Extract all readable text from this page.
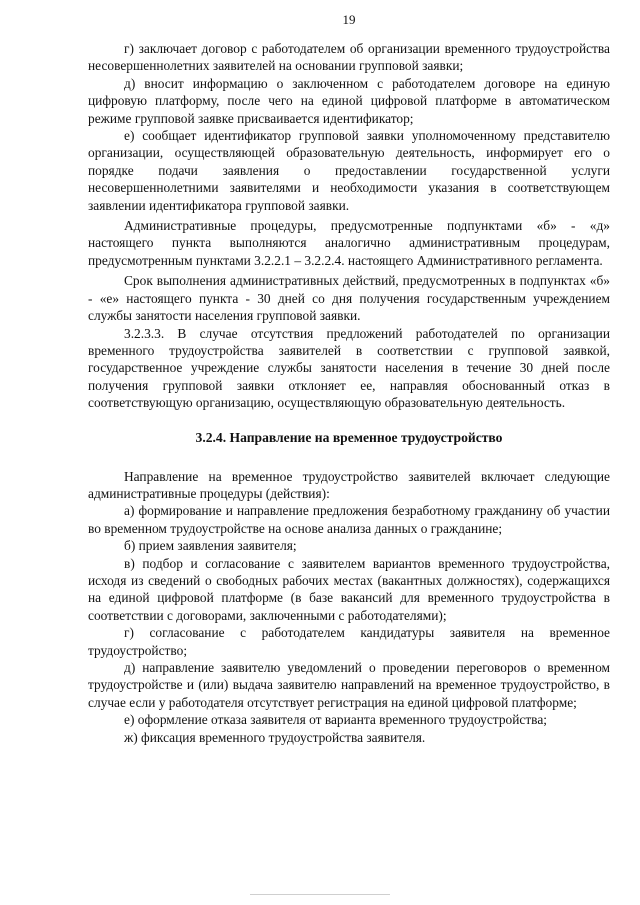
19

г) заключает договор с работодателем об организации временного трудоустройства несовершеннолетних заявителей на основании групповой заявки;

д) вносит информацию о заключенном с работодателем договоре на единую цифровую платформу, после чего на единой цифровой платформе в автоматическом режиме групповой заявке присваивается идентификатор;

е) сообщает идентификатор групповой заявки уполномоченному представителю организации, осуществляющей образовательную деятельность, информирует его о порядке подачи заявления о предоставлении государственной услуги несовершеннолетними заявителями и необходимости указания в соответствующем заявлении идентификатора групповой заявки.

Административные процедуры, предусмотренные подпунктами «б» - «д» настоящего пункта выполняются аналогично административным процедурам, предусмотренным пунктами 3.2.2.1 – 3.2.2.4. настоящего Административного регламента.

Срок выполнения административных действий, предусмотренных в подпунктах «б» - «е» настоящего пункта - 30 дней со дня получения государственным учреждением службы занятости населения групповой заявки.

3.2.3.3. В случае отсутствия предложений работодателей по организации временного трудоустройства заявителей в соответствии с групповой заявкой, государственное учреждение службы занятости населения в течение 30 дней после получения групповой заявки отклоняет ее, направляя обоснованный отказ в соответствующую организацию, осуществляющую образовательную деятельность.

3.2.4. Направление на временное трудоустройство

Направление на временное трудоустройство заявителей включает следующие административные процедуры (действия):

а) формирование и направление предложения безработному гражданину об участии во временном трудоустройстве на основе анализа данных о гражданине;

б) прием заявления заявителя;

в) подбор и согласование с заявителем вариантов временного трудоустройства, исходя из сведений о свободных рабочих местах (вакантных должностях), содержащихся на единой цифровой платформе (в базе вакансий для временного трудоустройства в соответствии с договорами, заключенными с работодателями);

г) согласование с работодателем кандидатуры заявителя на временное трудоустройство;

д) направление заявителю уведомлений о проведении переговоров о временном трудоустройстве и (или) выдача заявителю направлений на временное трудоустройство, в случае если у работодателя отсутствует регистрация на единой цифровой платформе;

е) оформление отказа заявителя от варианта временного трудоустройства;

ж) фиксация временного трудоустройства заявителя.
